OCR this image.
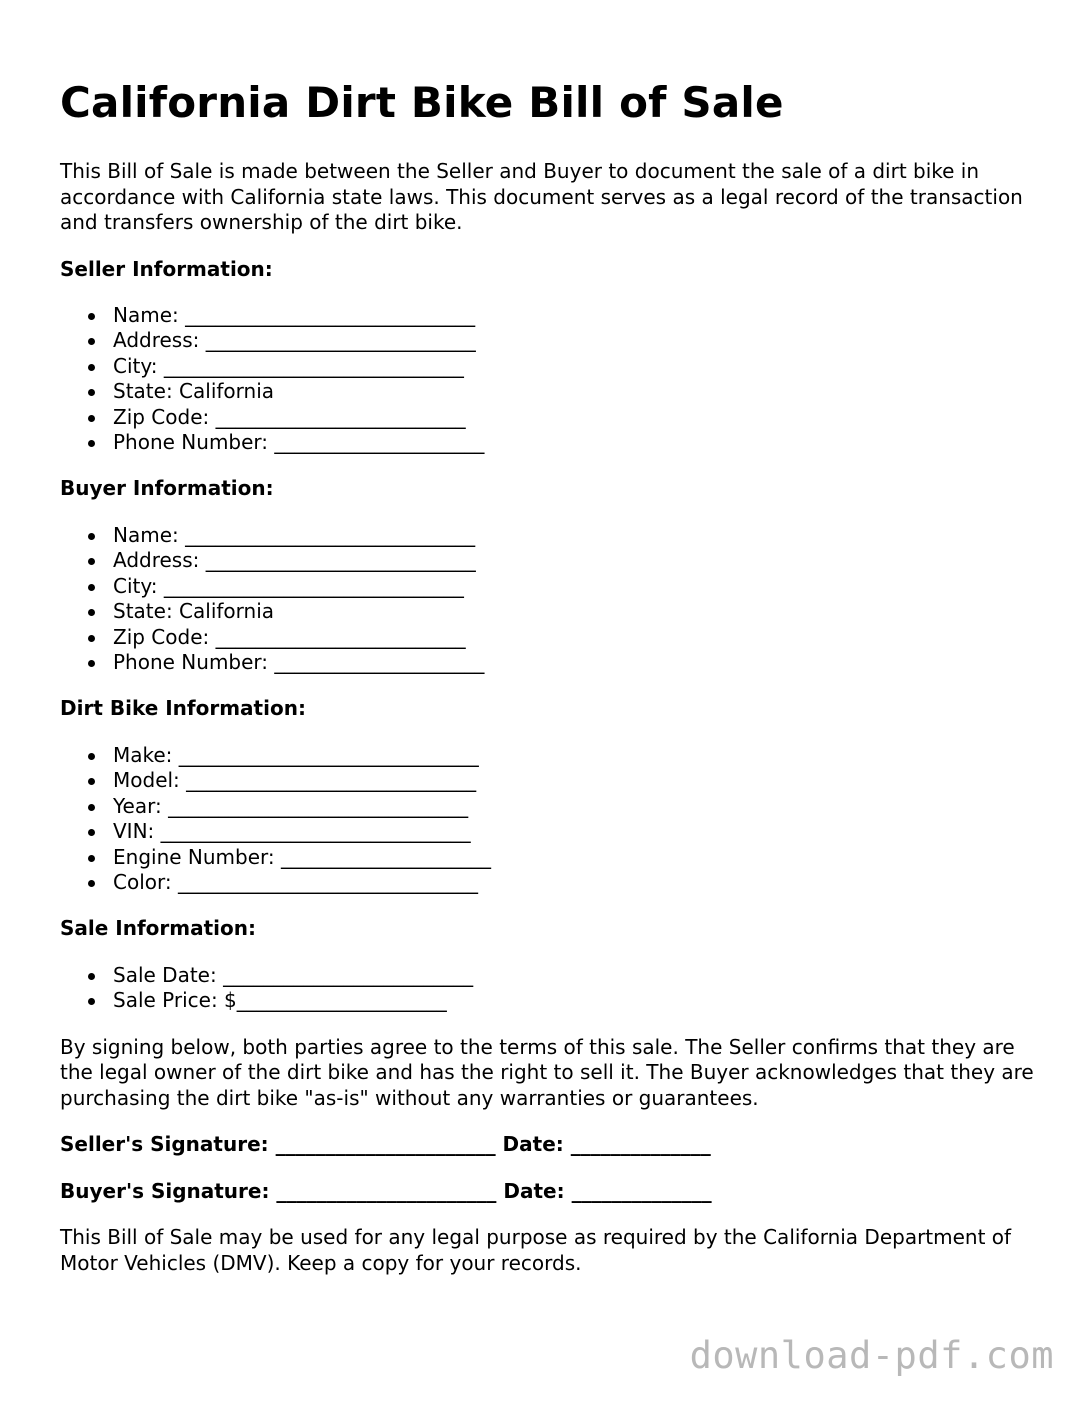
California Dirt Bike Bill of Sale

This Bill of Sale is made between the Seller and Buyer to document the sale of a dirt bike in accordance with California state laws. This document serves as a legal record of the transaction and transfers ownership of the dirt bike.

Seller Information:
Name: _____________________________
Address: ___________________________
City: ______________________________
State: California
Zip Code: _________________________
Phone Number: _____________________
Buyer Information:
Name: _____________________________
Address: ___________________________
City: ______________________________
State: California
Zip Code: _________________________
Phone Number: _____________________
Dirt Bike Information:
Make: ______________________________
Model: _____________________________
Year: ______________________________
VIN: _______________________________
Engine Number: _____________________
Color: ______________________________
Sale Information:
Sale Date: _________________________
Sale Price: $_____________________

By signing below, both parties agree to the terms of this sale. The Seller confirms that they are the legal owner of the dirt bike and has the right to sell it. The Buyer acknowledges that they are purchasing the dirt bike "as-is" without any warranties or guarantees.

Seller's Signature: ______________________ Date: ______________
Buyer's Signature: ______________________ Date: ______________

This Bill of Sale may be used for any legal purpose as required by the California Department of Motor Vehicles (DMV). Keep a copy for your records.

download-pdf.com
